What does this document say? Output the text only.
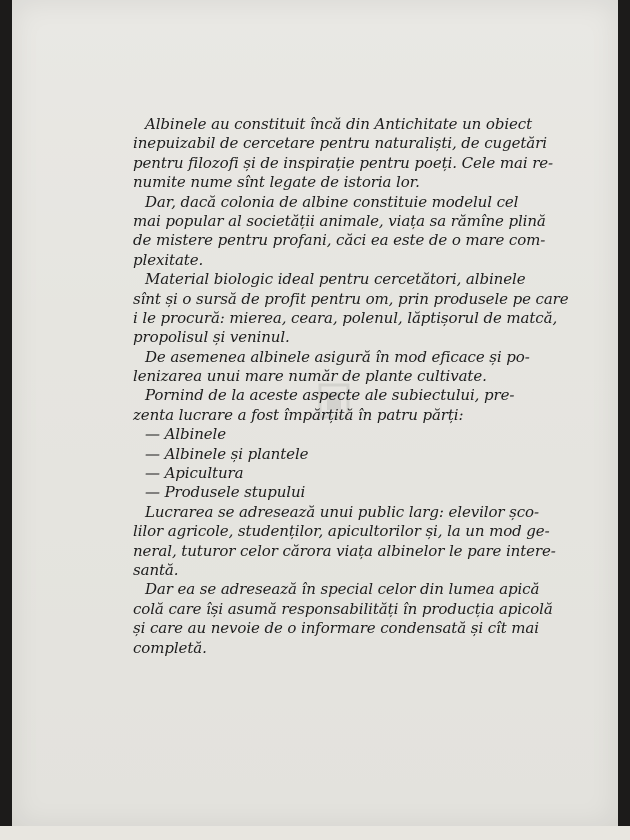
Albinele au constituit încă din Antichitate un obiect
inepuizabil de cercetare pentru naturaliști, de cugetări
pentru filozofi și de inspirație pentru poeți. Cele mai re-
numite nume sînt legate de istoria lor.
Dar, dacă colonia de albine constituie modelul cel
mai popular al societății animale, viața sa rămîne plină
de mistere pentru profani, căci ea este de o mare com-
plexitate.
Material biologic ideal pentru cercetători, albinele
sînt și o sursă de profit pentru om, prin produsele pe care
i le procură: mierea, ceara, polenul, lăptișorul de matcă,
propolisul și veninul.
De asemenea albinele asigură în mod eficace și po-
lenizarea unui mare număr de plante cultivate.
Pornind de la aceste aspecte ale subiectului, pre-
zenta lucrare a fost împărțită în patru părți:
— Albinele
— Albinele și plantele
— Apicultura
— Produsele stupului
Lucrarea se adresează unui public larg: elevilor șco-
lilor agricole, studenților, apicultorilor și, la un mod ge-
neral, tuturor celor cărora viața albinelor le pare intere-
santă.
Dar ea se adresează în special celor din lumea apică
colă care își asumă responsabilități în producția apicolă
și care au nevoie de o informare condensată și cît mai
completă.
